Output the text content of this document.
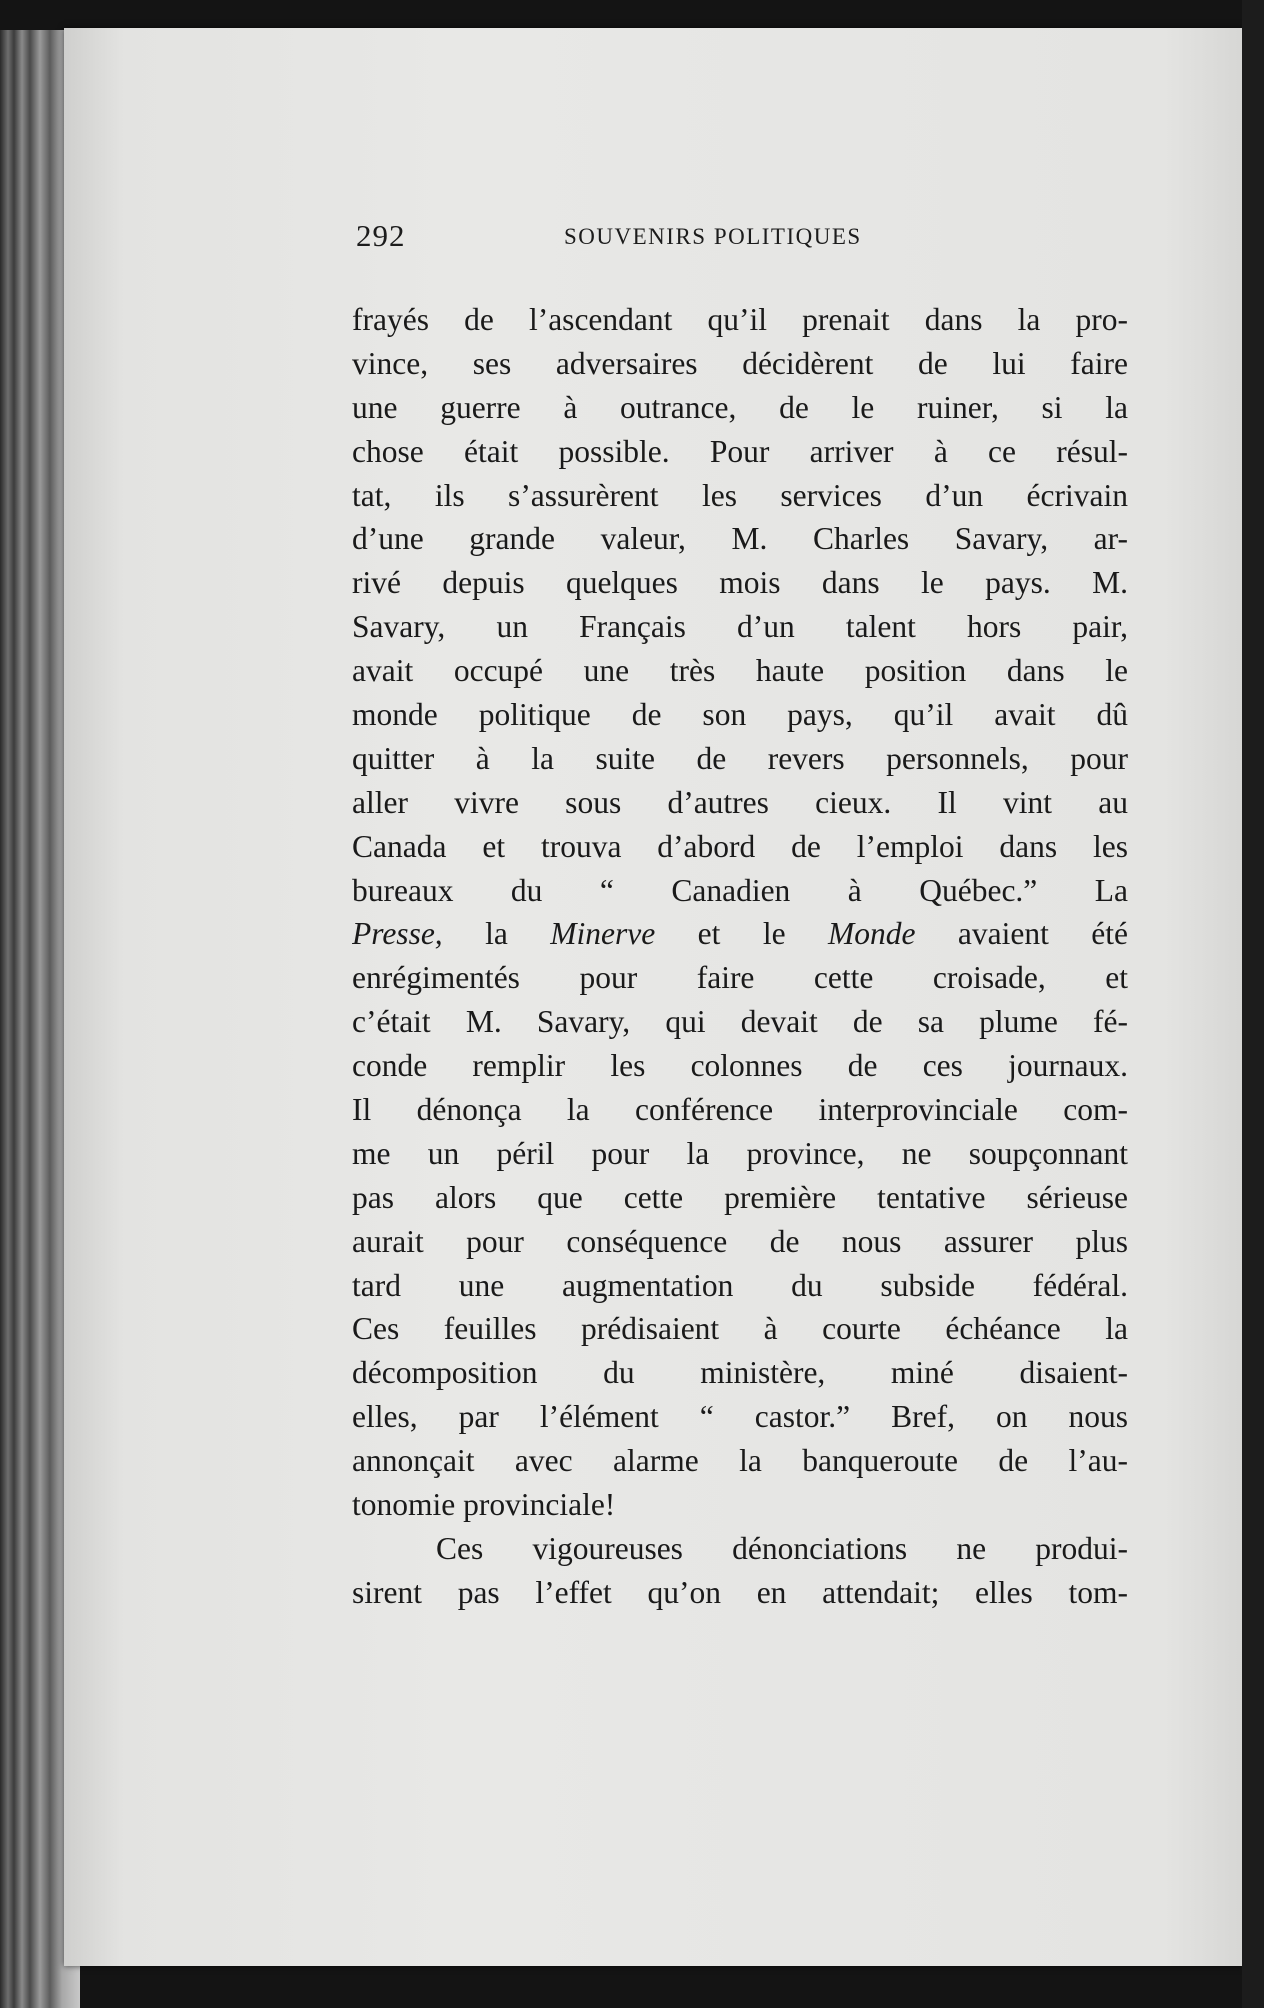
292	SOUVENIRS POLITIQUES
frayés de l’ascendant qu’il prenait dans la pro-
vince, ses adversaires décidèrent de lui faire
une guerre à outrance, de le ruiner, si la
chose était possible. Pour arriver à ce résul-
tat, ils s’assurèrent les services d’un écrivain
d’une grande valeur, M. Charles Savary, ar-
rivé depuis quelques mois dans le pays. M.
Savary, un Français d’un talent hors pair,
avait occupé une très haute position dans le
monde politique de son pays, qu’il avait dû
quitter à la suite de revers personnels, pour
aller vivre sous d’autres cieux. Il vint au
Canada et trouva d’abord de l’emploi dans les
bureaux du “ Canadien à Québec.” La
Presse, la Minerve et le Monde avaient été
enrégimentés pour faire cette croisade, et
c’était M. Savary, qui devait de sa plume fé-
conde remplir les colonnes de ces journaux.
Il dénonça la conférence interprovinciale com-
me un péril pour la province, ne soupçonnant
pas alors que cette première tentative sérieuse
aurait pour conséquence de nous assurer plus
tard une augmentation du subside fédéral.
Ces feuilles prédisaient à courte échéance la
décomposition du ministère, miné disaient-
elles, par l’élément “ castor.” Bref, on nous
annonçait avec alarme la banqueroute de l’au-
tonomie provinciale!
Ces vigoureuses dénonciations ne produi-
sirent pas l’effet qu’on en attendait; elles tom-
